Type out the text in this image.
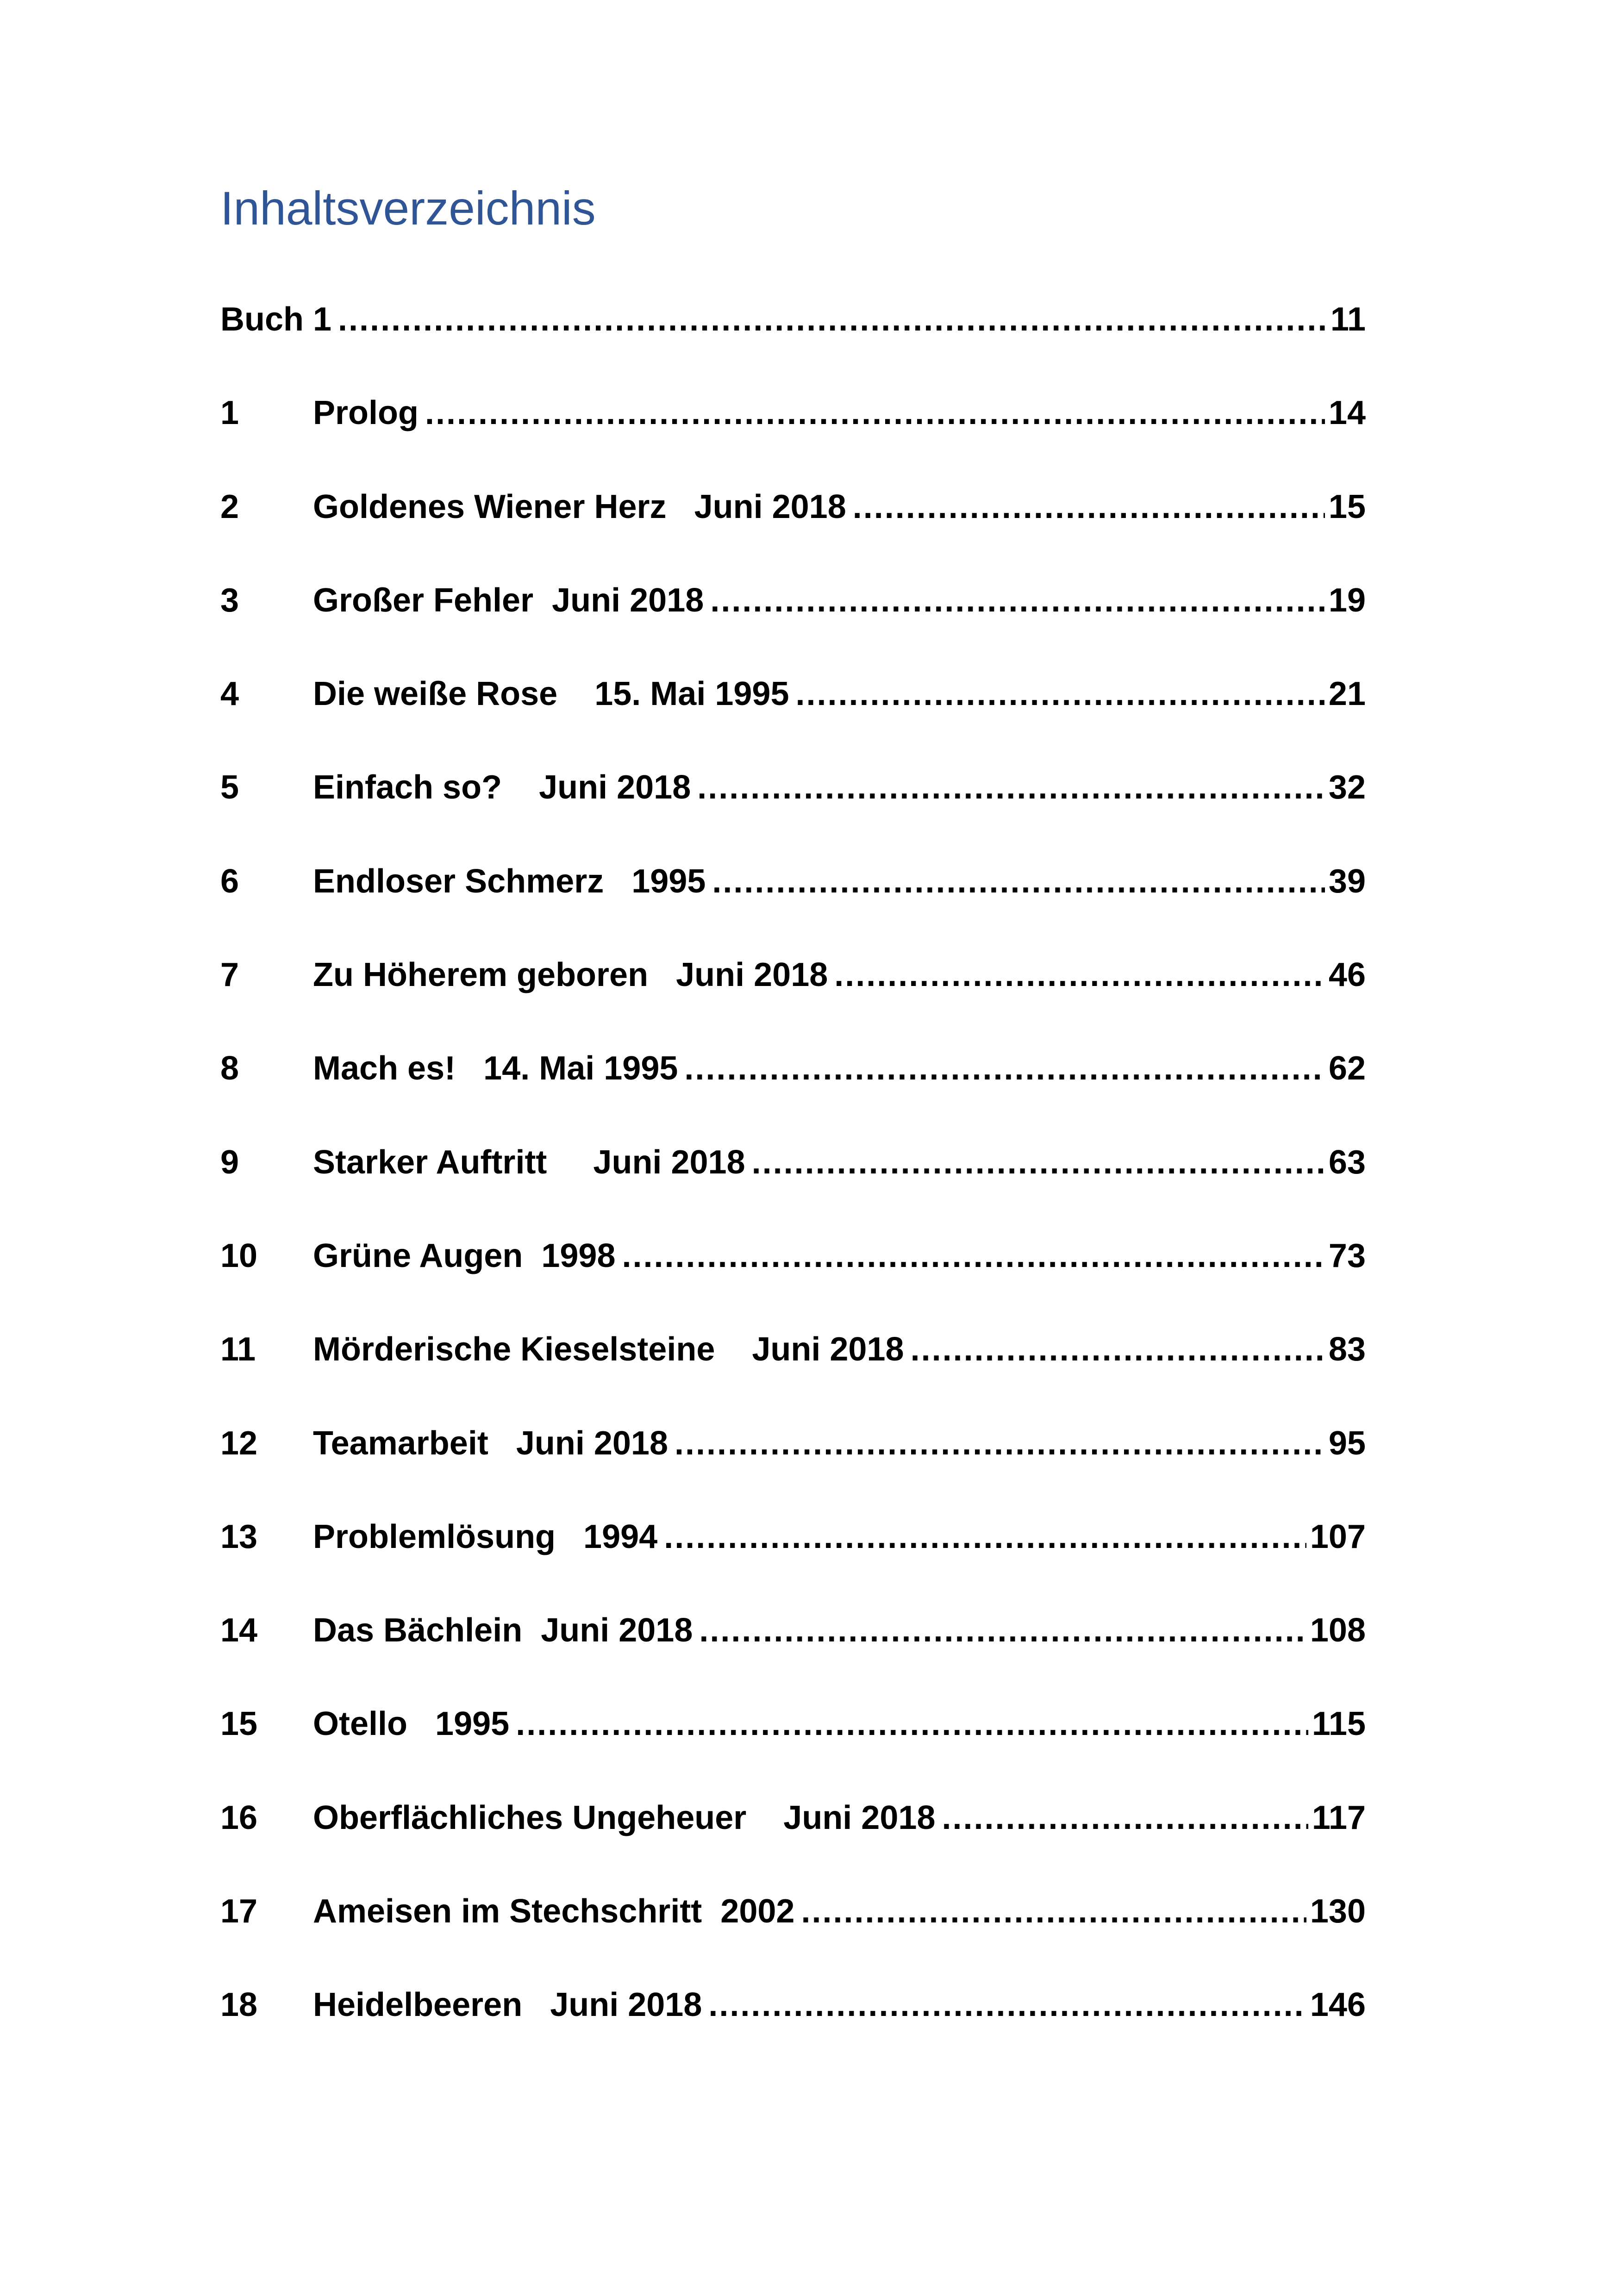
Inhaltsverzeichnis
Buch 1 .....	11
1	Prolog .....	14
2	Goldenes Wiener Herz   Juni 2018 .....	15
3	Großer Fehler  Juni 2018 .....	19
4	Die weiße Rose    15. Mai 1995 .....	21
5	Einfach so?    Juni 2018 .....	32
6	Endloser Schmerz   1995 .....	39
7	Zu Höherem geboren   Juni 2018 .....	46
8	Mach es!   14. Mai 1995 .....	62
9	Starker Auftritt     Juni 2018 .....	63
10	Grüne Augen  1998 .....	73
11	Mörderische Kieselsteine    Juni 2018 .....	83
12	Teamarbeit   Juni 2018 .....	95
13	Problemlösung   1994 .....	107
14	Das Bächlein  Juni 2018 .....	108
15	Otello   1995 .....	115
16	Oberflächliches Ungeheuer    Juni 2018 .....	117
17	Ameisen im Stechschritt  2002 .....	130
18	Heidelbeeren   Juni 2018 .....	146
